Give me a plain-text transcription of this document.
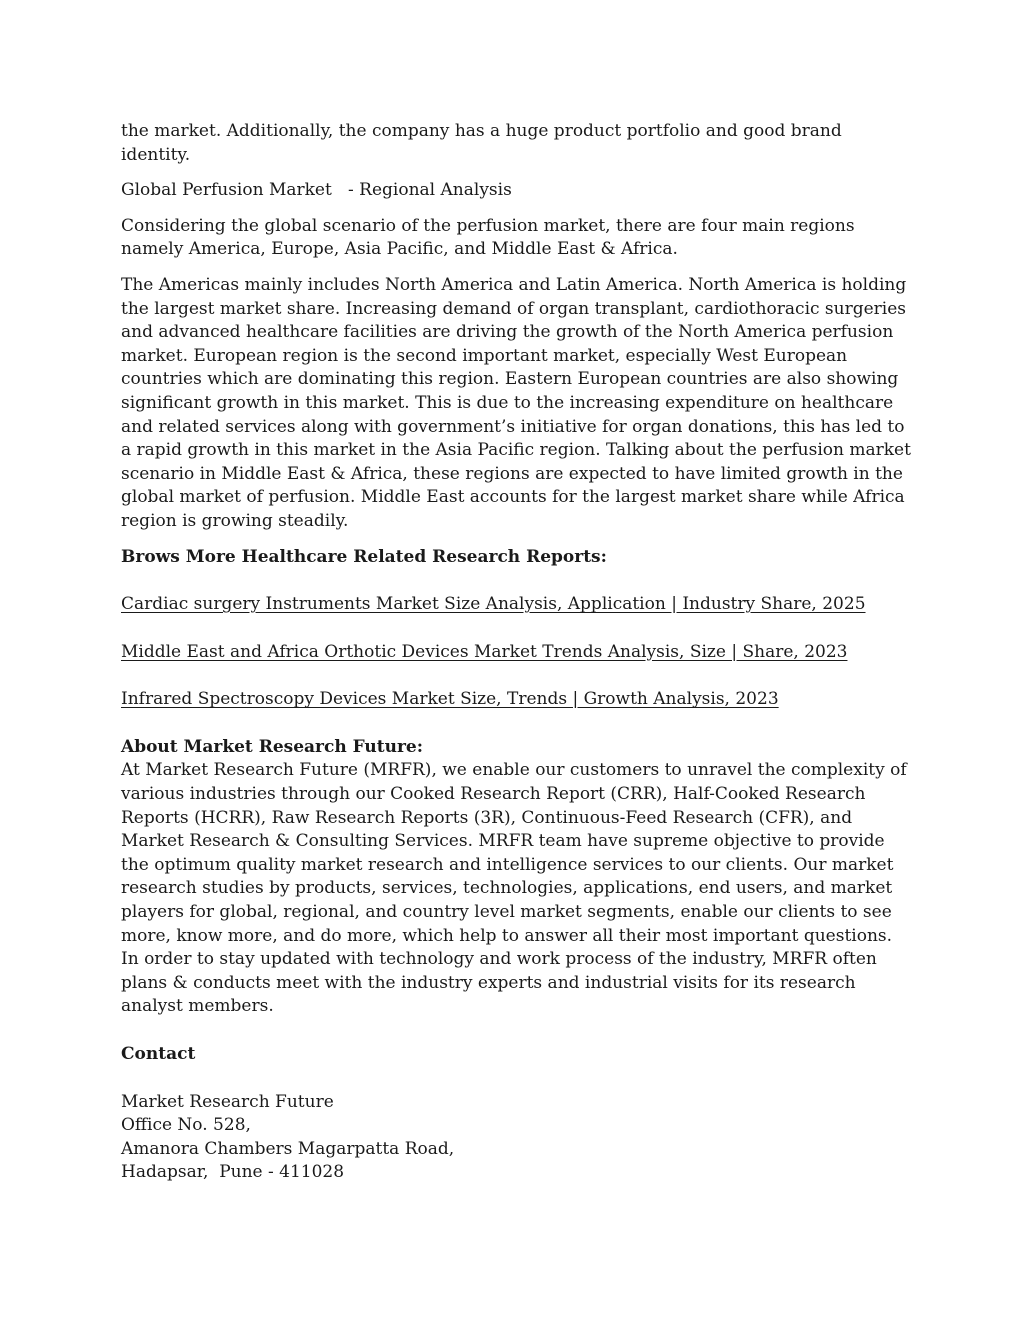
the market. Additionally, the company has a huge product portfolio and good brand identity.

Global Perfusion Market   - Regional Analysis

Considering the global scenario of the perfusion market, there are four main regions namely America, Europe, Asia Pacific, and Middle East & Africa.

The Americas mainly includes North America and Latin America. North America is holding the largest market share. Increasing demand of organ transplant, cardiothoracic surgeries and advanced healthcare facilities are driving the growth of the North America perfusion market. European region is the second important market, especially West European countries which are dominating this region. Eastern European countries are also showing significant growth in this market. This is due to the increasing expenditure on healthcare and related services along with government’s initiative for organ donations, this has led to a rapid growth in this market in the Asia Pacific region. Talking about the perfusion market scenario in Middle East & Africa, these regions are expected to have limited growth in the global market of perfusion. Middle East accounts for the largest market share while Africa region is growing steadily.

Brows More Healthcare Related Research Reports:

Cardiac surgery Instruments Market Size Analysis, Application | Industry Share, 2025
Middle East and Africa Orthotic Devices Market Trends Analysis, Size | Share, 2023
Infrared Spectroscopy Devices Market Size, Trends | Growth Analysis, 2023

About Market Research Future:

At Market Research Future (MRFR), we enable our customers to unravel the complexity of various industries through our Cooked Research Report (CRR), Half-Cooked Research Reports (HCRR), Raw Research Reports (3R), Continuous-Feed Research (CFR), and Market Research & Consulting Services. MRFR team have supreme objective to provide the optimum quality market research and intelligence services to our clients. Our market research studies by products, services, technologies, applications, end users, and market players for global, regional, and country level market segments, enable our clients to see more, know more, and do more, which help to answer all their most important questions. In order to stay updated with technology and work process of the industry, MRFR often plans & conducts meet with the industry experts and industrial visits for its research analyst members.

Contact

Market Research Future
Office No. 528,
Amanora Chambers Magarpatta Road,
Hadapsar,  Pune - 411028
